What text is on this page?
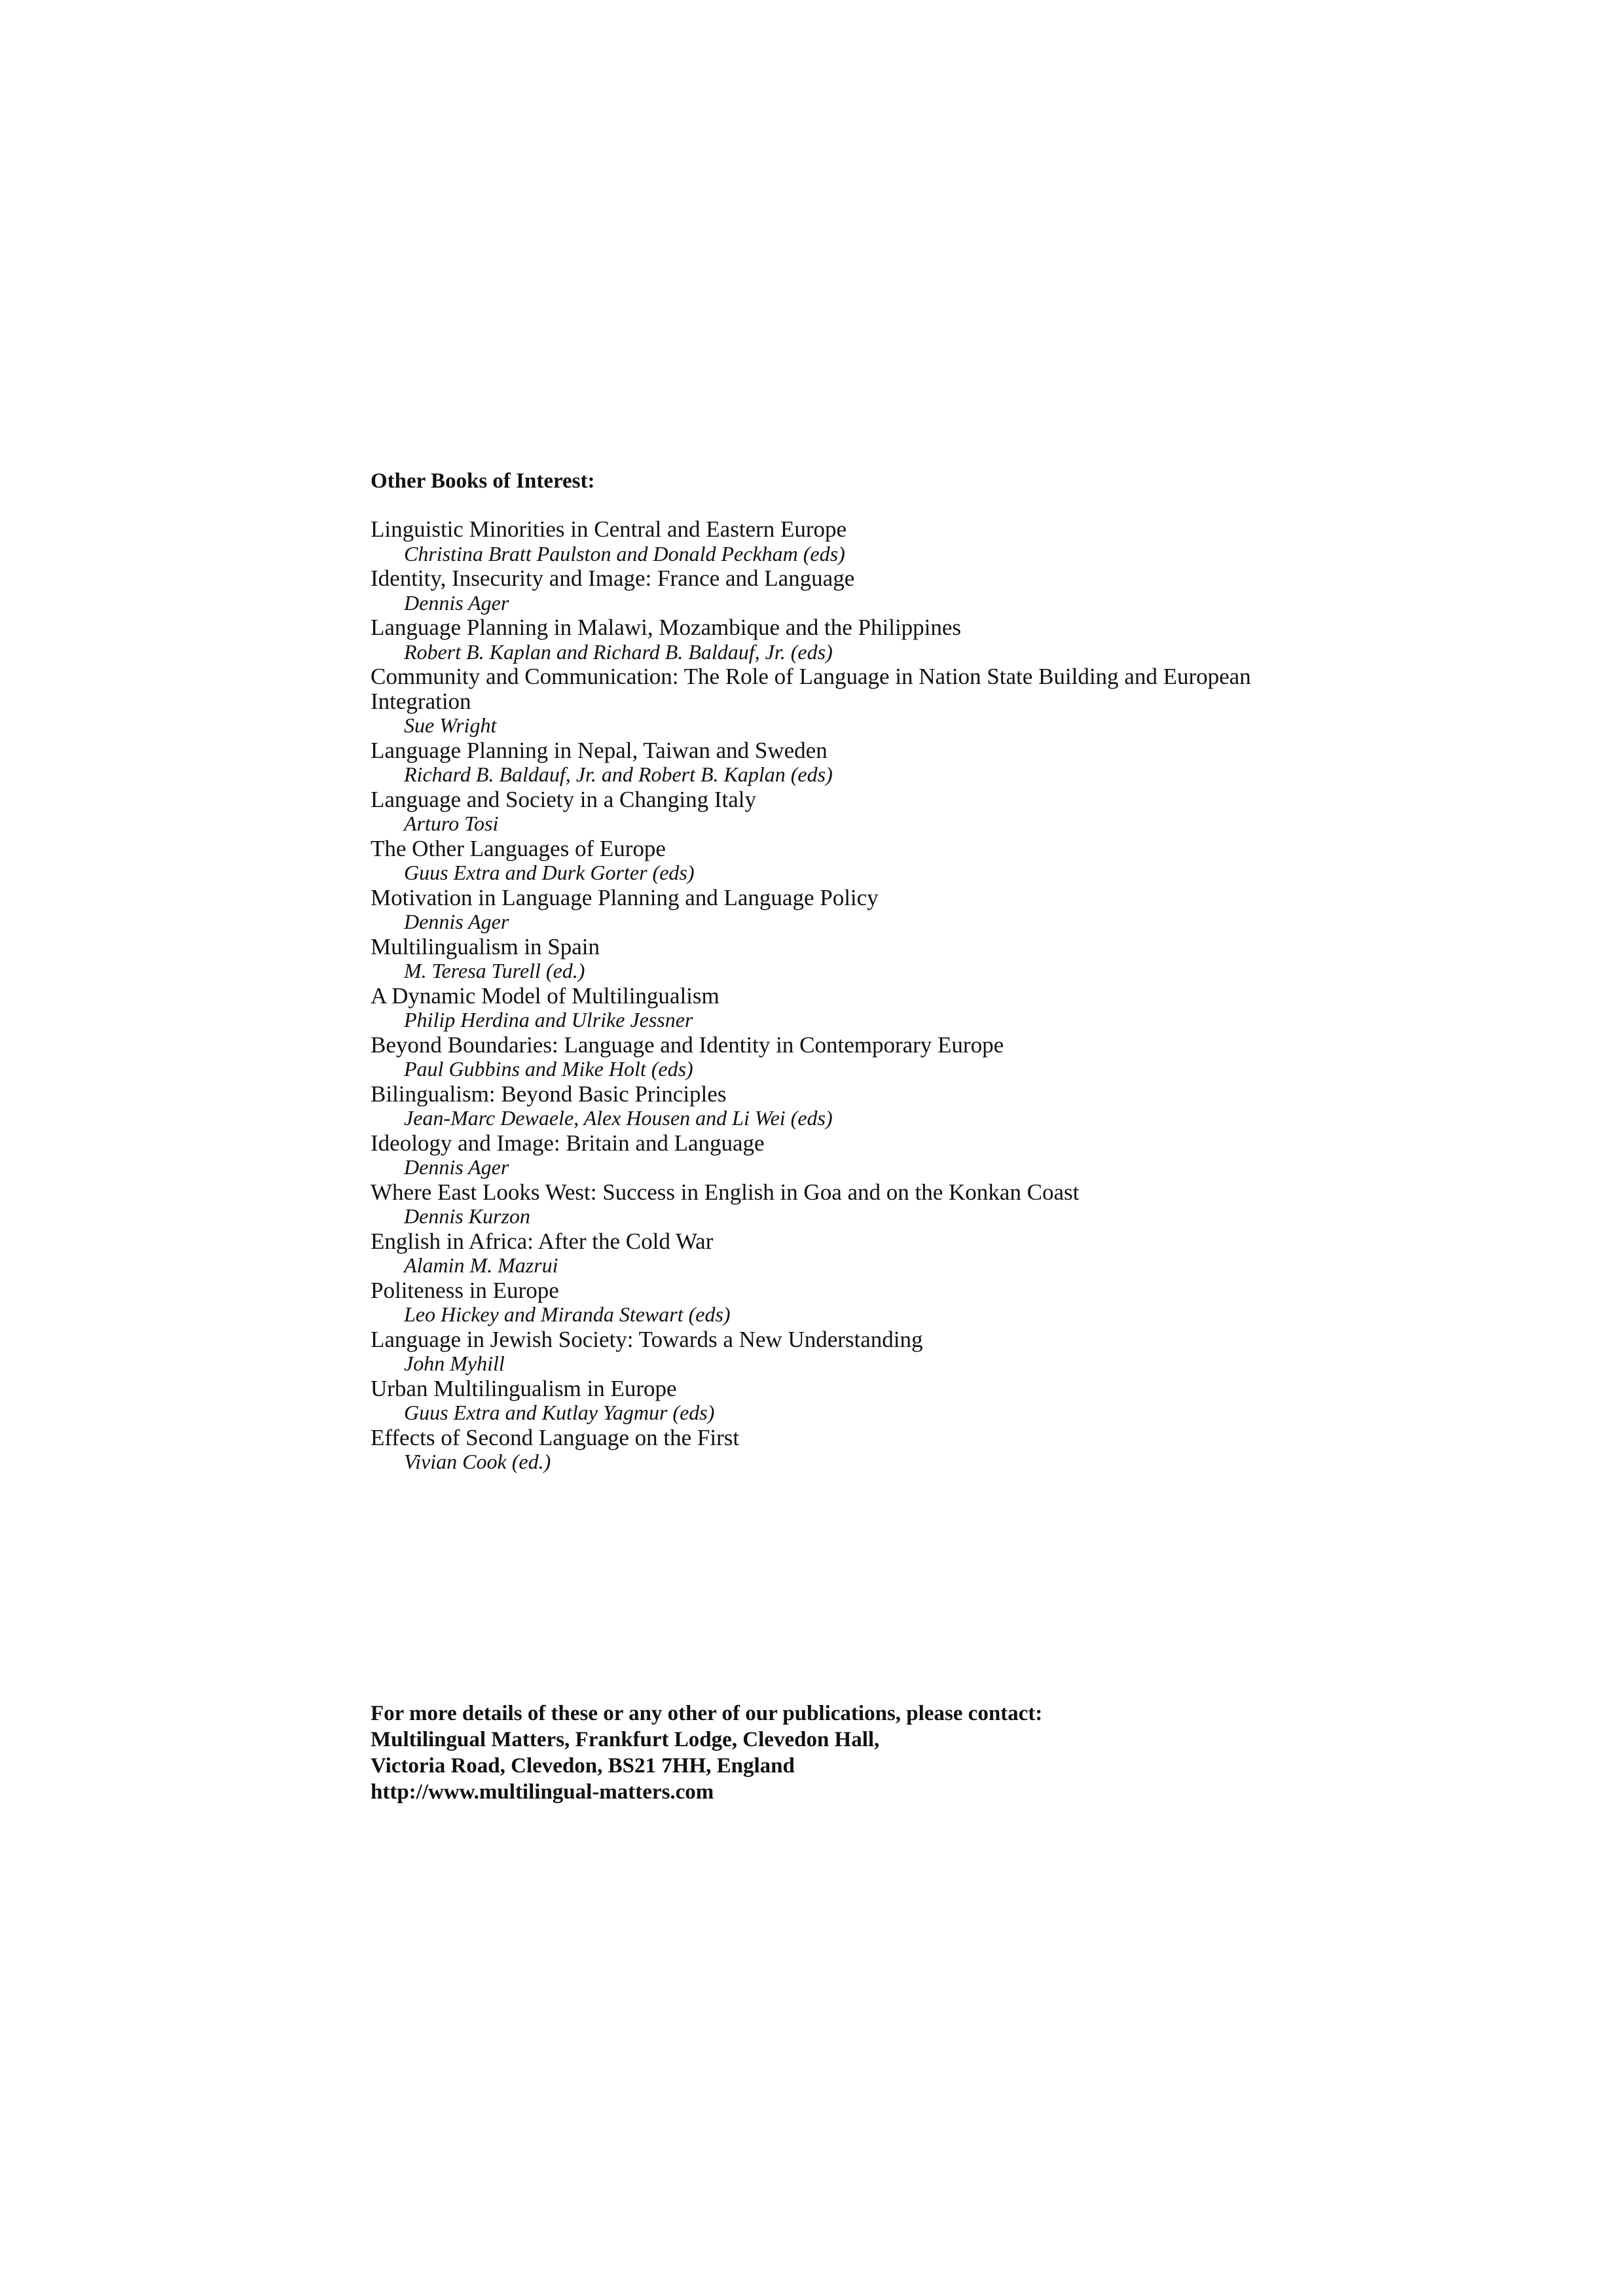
Other Books of Interest:

Linguistic Minorities in Central and Eastern Europe
Christina Bratt Paulston and Donald Peckham (eds)
Identity, Insecurity and Image: France and Language
Dennis Ager
Language Planning in Malawi, Mozambique and the Philippines
Robert B. Kaplan and Richard B. Baldauf, Jr. (eds)
Community and Communication: The Role of Language in Nation State Building and European Integration
Sue Wright
Language Planning in Nepal, Taiwan and Sweden
Richard B. Baldauf, Jr. and Robert B. Kaplan (eds)
Language and Society in a Changing Italy
Arturo Tosi
The Other Languages of Europe
Guus Extra and Durk Gorter (eds)
Motivation in Language Planning and Language Policy
Dennis Ager
Multilingualism in Spain
M. Teresa Turell (ed.)
A Dynamic Model of Multilingualism
Philip Herdina and Ulrike Jessner
Beyond Boundaries: Language and Identity in Contemporary Europe
Paul Gubbins and Mike Holt (eds)
Bilingualism: Beyond Basic Principles
Jean-Marc Dewaele, Alex Housen and Li Wei (eds)
Ideology and Image: Britain and Language
Dennis Ager
Where East Looks West: Success in English in Goa and on the Konkan Coast
Dennis Kurzon
English in Africa: After the Cold War
Alamin M. Mazrui
Politeness in Europe
Leo Hickey and Miranda Stewart (eds)
Language in Jewish Society: Towards a New Understanding
John Myhill
Urban Multilingualism in Europe
Guus Extra and Kutlay Yagmur (eds)
Effects of Second Language on the First
Vivian Cook (ed.)
For more details of these or any other of our publications, please contact:
Multilingual Matters, Frankfurt Lodge, Clevedon Hall,
Victoria Road, Clevedon, BS21 7HH, England
http://www.multilingual-matters.com
